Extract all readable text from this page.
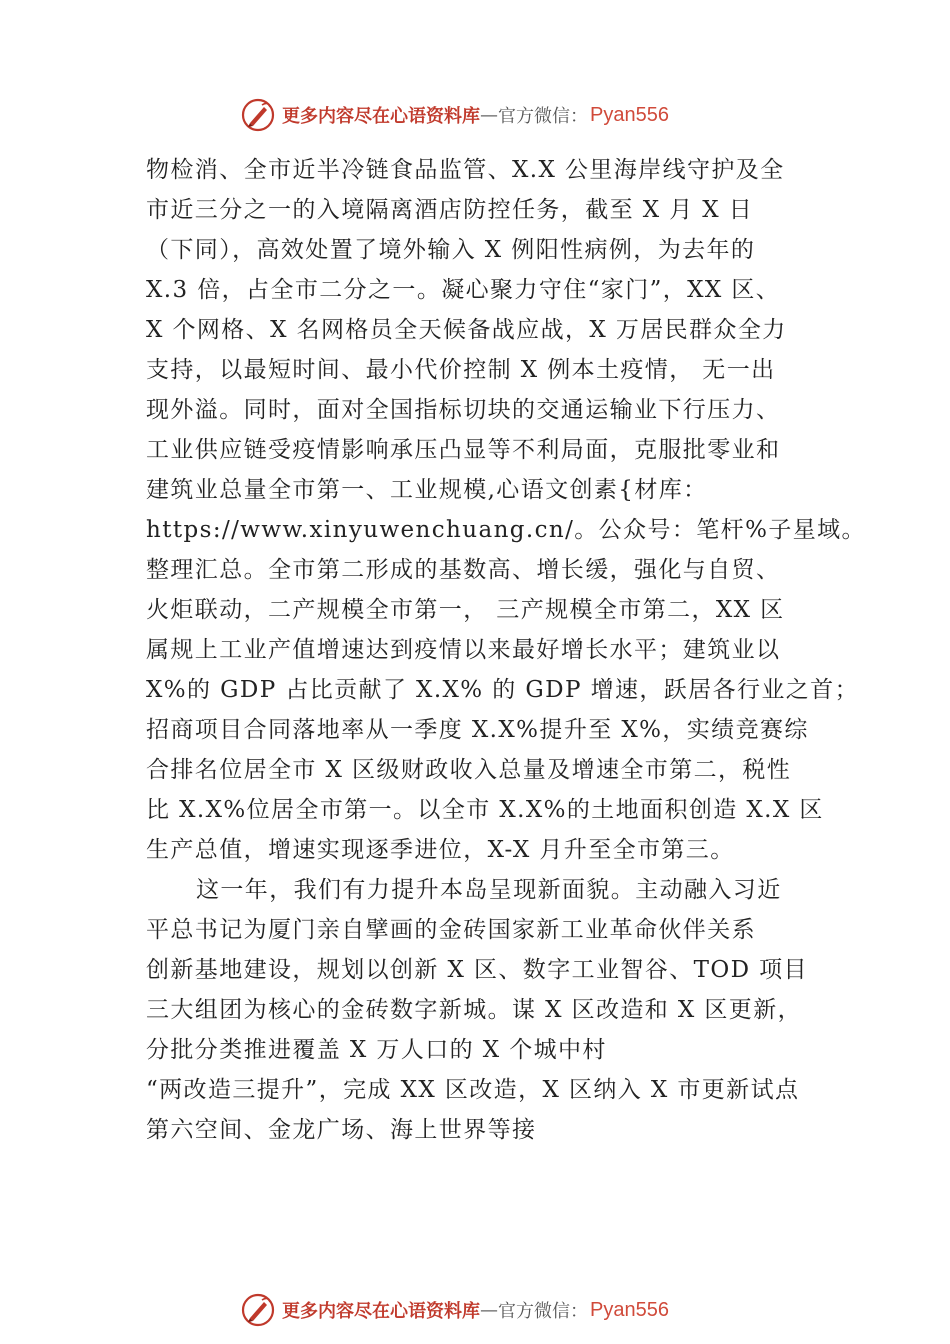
更多内容尽在心语资料库 — 官方微信： Pyan556
物检消、全市近半冷链食品监管、X.X 公里海岸线守护及全
市近三分之一的入境隔离酒店防控任务，截至 X 月 X 日
（下同），高效处置了境外输入 X 例阳性病例，为去年的
X.3 倍，占全市二分之一。凝心聚力守住“家门”，XX 区、
X 个网格、X 名网格员全天候备战应战，X 万居民群众全力
支持，以最短时间、最小代价控制 X 例本土疫情， 无一出
现外溢。同时，面对全国指标切块的交通运输业下行压力、
工业供应链受疫情影响承压凸显等不利局面，克服批零业和
建筑业总量全市第一、工业规模,心语文创素{材库：
https://www.xinyuwenchuang.cn/。公众号：笔杆%子星域。
整理汇总。全市第二形成的基数高、增长缓，强化与自贸、
火炬联动，二产规模全市第一， 三产规模全市第二，XX 区
属规上工业产值增速达到疫情以来最好增长水平；建筑业以
X%的 GDP 占比贡献了 X.X% 的 GDP 增速，跃居各行业之首；
招商项目合同落地率从一季度 X.X%提升至 X%，实绩竞赛综
合排名位居全市 X 区级财政收入总量及增速全市第二，税性
比 X.X%位居全市第一。以全市 X.X%的土地面积创造 X.X 区
生产总值，增速实现逐季进位，X-X 月升至全市第三。
这一年，我们有力提升本岛呈现新面貌。主动融入习近
平总书记为厦门亲自擘画的金砖国家新工业革命伙伴关系
创新基地建设，规划以创新 X 区、数字工业智谷、TOD 项目
三大组团为核心的金砖数字新城。谋 X 区改造和 X 区更新，
分批分类推进覆盖 X 万人口的 X 个城中村
“两改造三提升”，完成 XX 区改造，X 区纳入 X 市更新试点
第六空间、金龙广场、海上世界等接
更多内容尽在心语资料库 — 官方微信： Pyan556
